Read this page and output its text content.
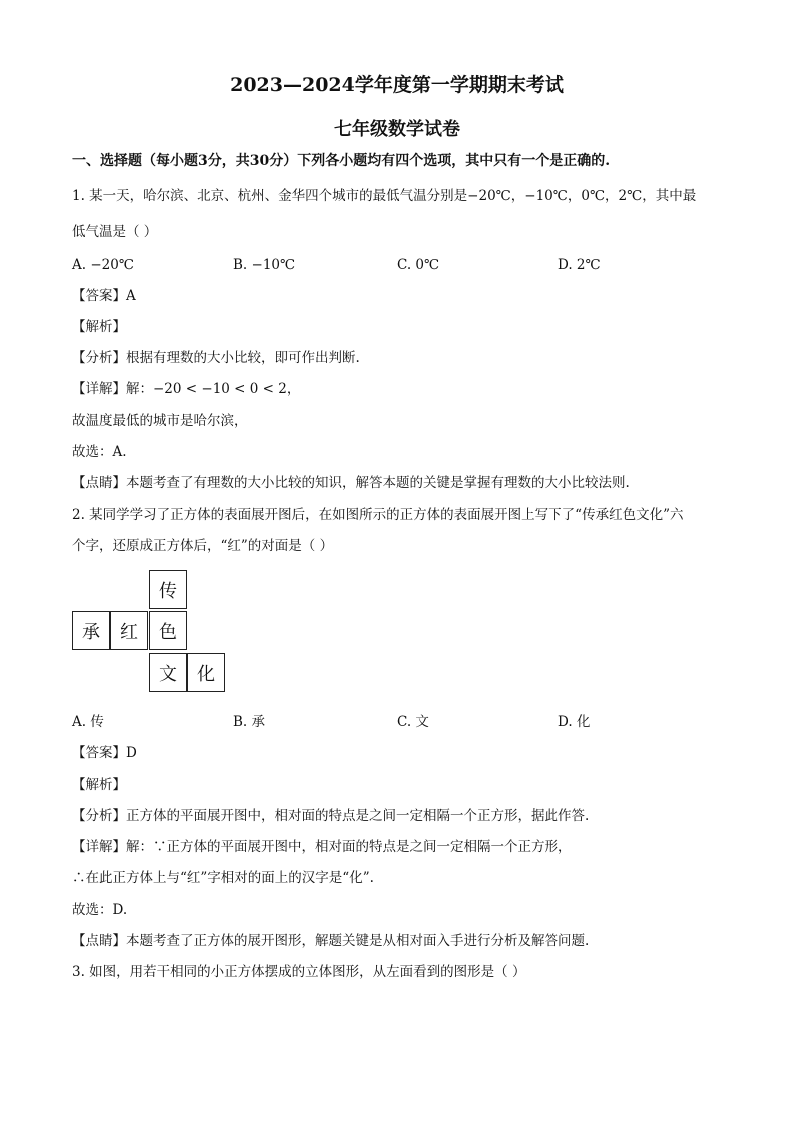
2023—2024学年度第一学期期末考试
七年级数学试卷
一、选择题（每小题3分，共30分）下列各小题均有四个选项，其中只有一个是正确的.
1. 某一天，哈尔滨、北京、杭州、金华四个城市的最低气温分别是−20℃，−10℃，0℃，2℃，其中最
低气温是（ ）
A. −20℃	B. −10℃	C. 0℃	D. 2℃
【答案】A
【解析】
【分析】根据有理数的大小比较，即可作出判断.
【详解】解：−20 < −10 < 0 < 2，
故温度最低的城市是哈尔滨，
故选：A.
【点睛】本题考查了有理数的大小比较的知识，解答本题的关键是掌握有理数的大小比较法则.
2. 某同学学习了正方体的表面展开图后，在如图所示的正方体的表面展开图上写下了“传承红色文化”六
个字，还原成正方体后，“红”的对面是（ ）
传
承	红	色
文	化
A. 传	B. 承	C. 文	D. 化
【答案】D
【解析】
【分析】正方体的平面展开图中，相对面的特点是之间一定相隔一个正方形，据此作答.
【详解】解：∵正方体的平面展开图中，相对面的特点是之间一定相隔一个正方形，
∴在此正方体上与“红”字相对的面上的汉字是“化”.
故选：D.
【点睛】本题考查了正方体的展开图形，解题关键是从相对面入手进行分析及解答问题.
3. 如图，用若干相同的小正方体摆成的立体图形，从左面看到的图形是（ ）
